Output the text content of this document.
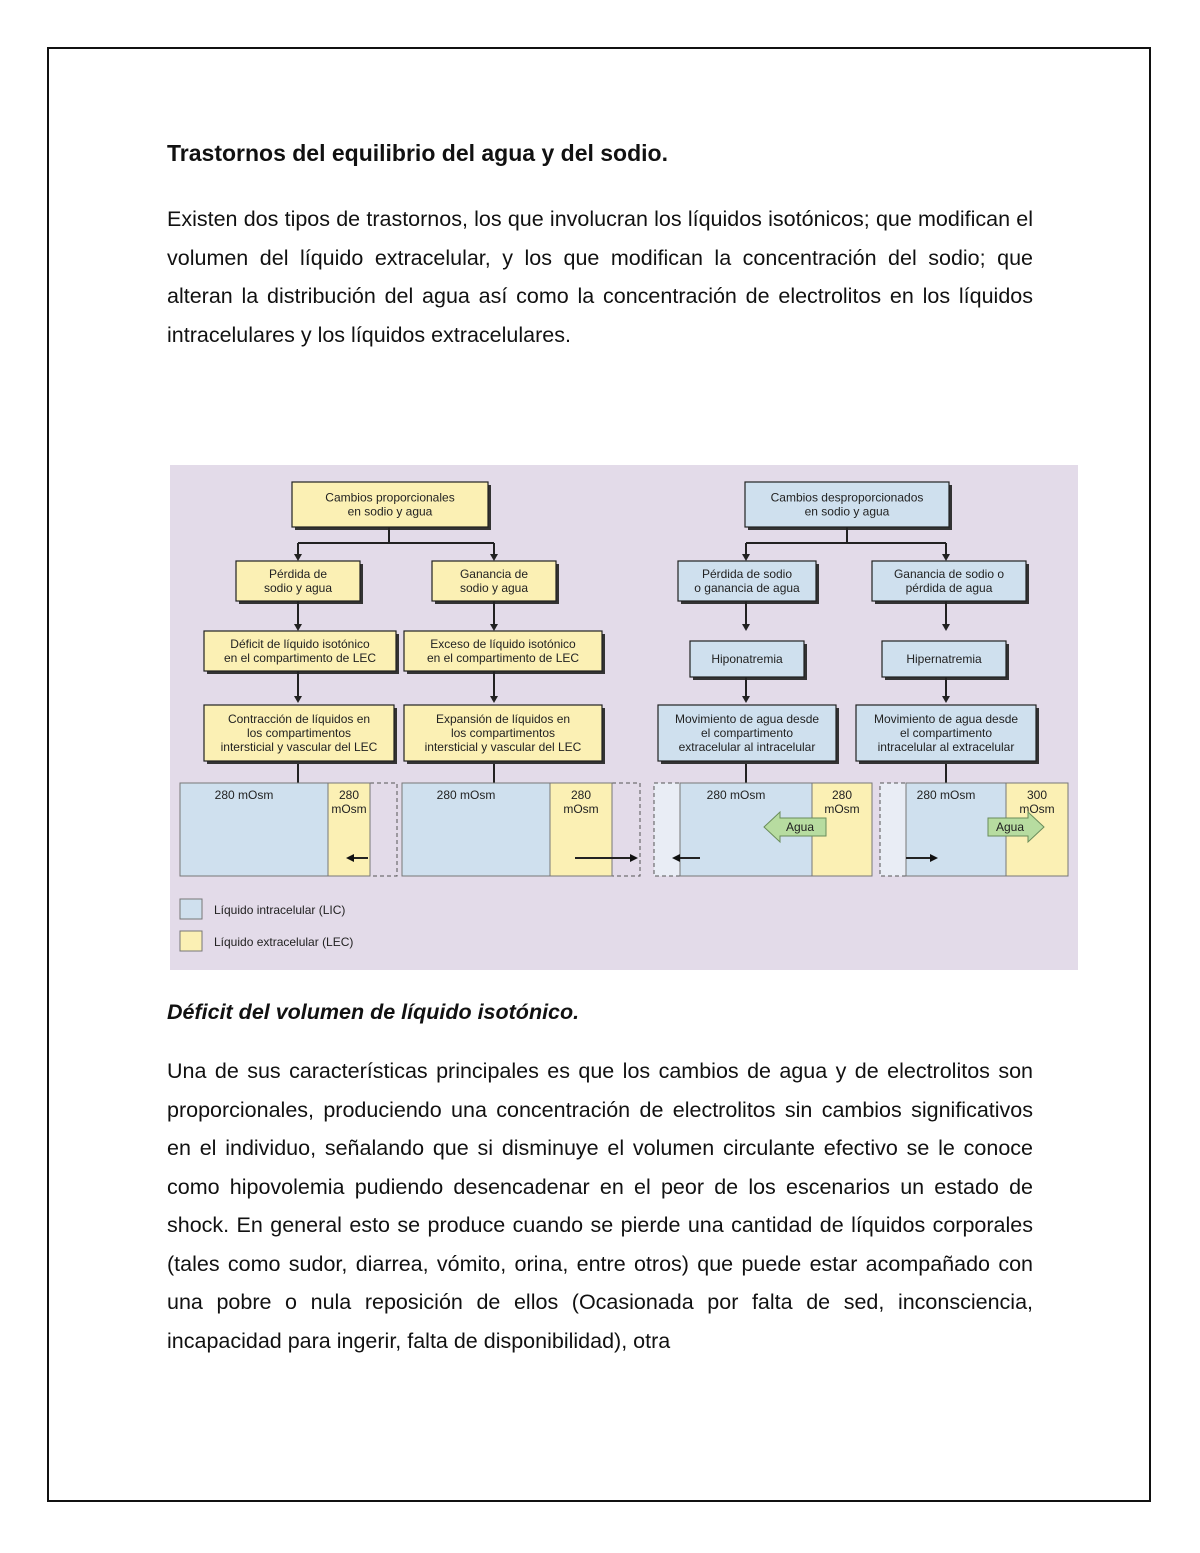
Trastornos del equilibrio del agua y del sodio.

Existen dos tipos de trastornos, los que involucran los líquidos isotónicos; que modifican el volumen del líquido extracelular, y los que modifican la concentración del sodio; que alteran la distribución del agua así como la concentración de electrolitos en los líquidos intracelulares y los líquidos extracelulares.

Cambios proporcionales
en sodio y agua
Cambios desproporcionados
en sodio y agua
Pérdida de
sodio y agua
Ganancia de
sodio y agua
Pérdida de sodio
o ganancia de agua
Ganancia de sodio o
pérdida de agua
Déficit de líquido isotónico
en el compartimento de LEC
Exceso de líquido isotónico
en el compartimento de LEC	Hiponatremia	Hipernatremia
Contracción de líquidos en
los compartimentos
intersticial y vascular del LEC
Expansión de líquidos en
los compartimentos
intersticial y vascular del LEC
Movimiento de agua desde
el compartimento
extracelular al intracelular
Movimiento de agua desde
el compartimento
intracelular al extracelular
280 mOsm	280
mOsm
280 mOsm	280
mOsm
280 mOsm	280
mOsm
Agua
280 mOsm	300
mOsm
Agua
Líquido intracelular (LIC)
Líquido extracelular (LEC)
Déficit del volumen de líquido isotónico.

Una de sus características principales es que los cambios de agua y de electrolitos son proporcionales, produciendo una concentración de electrolitos sin cambios significativos en el individuo, señalando que si disminuye el volumen circulante efectivo se le conoce como hipovolemia pudiendo desencadenar en el peor de los escenarios un estado de shock. En general esto se produce cuando se pierde una cantidad de líquidos corporales (tales como sudor, diarrea, vómito, orina, entre otros) que puede estar acompañado con una pobre o nula reposición de ellos (Ocasionada por falta de sed, inconsciencia, incapacidad para ingerir, falta de disponibilidad), otra
